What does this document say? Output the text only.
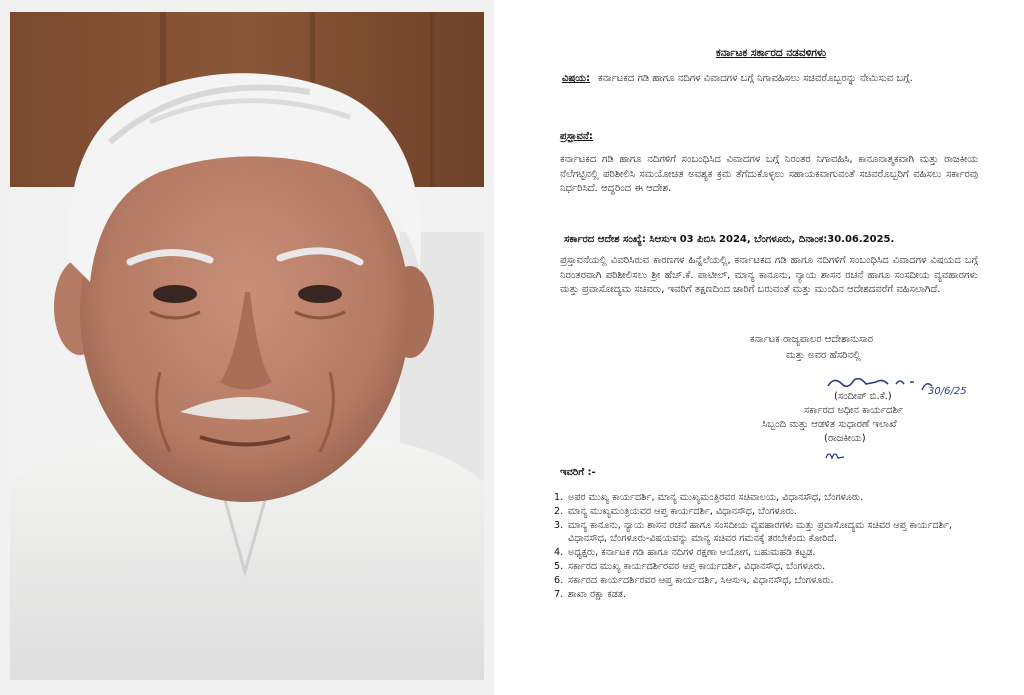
ಕರ್ನಾಟಕ ಸರ್ಕಾರದ ನಡವಳಿಗಳು
ವಿಷಯ: ಕರ್ನಾಟಕದ ಗಡಿ ಹಾಗೂ ನದಿಗಳ ವಿವಾದಗಳ ಬಗ್ಗೆ ನಿಗಾವಹಿಸಲು ಸಚಿವರೊಬ್ಬರನ್ನು ನೇಮಿಸುವ ಬಗ್ಗೆ.
ಪ್ರಸ್ತಾವನೆ:
ಕರ್ನಾಟಕದ ಗಡಿ ಹಾಗೂ ನದಿಗಳಿಗೆ ಸಂಬಂಧಿಸಿದ ವಿವಾದಗಳ ಬಗ್ಗೆ ನಿರಂತರ ನಿಗಾವಹಿಸಿ, ಕಾನೂನಾತ್ಮಕವಾಗಿ ಮತ್ತು ರಾಜಕೀಯ ನೆಲೆಗಟ್ಟಿನಲ್ಲಿ ಪರಿಶೀಲಿಸಿ ಸಮಯೋಚಿತ ಅವಶ್ಯಕ ಕ್ರಮ ತೆಗೆದುಕೊಳ್ಳಲು ಸಹಾಯಕವಾಗುವಂತೆ ಸಚಿವರೊಬ್ಬರಿಗೆ ವಹಿಸಲು ಸರ್ಕಾರವು ನಿರ್ಧರಿಸಿದೆ. ಆದ್ದರಿಂದ ಈ ಆದೇಶ.
ಸರ್ಕಾರದ ಆದೇಶ ಸಂಖ್ಯೆ: ಸಿಆಸುಇ 03 ಪಿಬಿಸಿ 2024, ಬೆಂಗಳೂರು, ದಿನಾಂಕ:30.06.2025.
ಪ್ರಸ್ತಾವನೆಯಲ್ಲಿ ವಿವರಿಸಿರುವ ಕಾರಣಗಳ ಹಿನ್ನೆಲೆಯಲ್ಲಿ, ಕರ್ನಾಟಕದ ಗಡಿ ಹಾಗೂ ನದಿಗಳಿಗೆ ಸಂಬಂಧಿಸಿದ ವಿವಾದಗಳ ವಿಷಯದ ಬಗ್ಗೆ ನಿರಂತರವಾಗಿ ಪರಿಶೀಲಿಸಲು ಶ್ರೀ ಹೆಚ್.ಕೆ. ಪಾಟೀಲ್, ಮಾನ್ಯ ಕಾನೂನು, ನ್ಯಾಯ ಶಾಸನ ರಚನೆ ಹಾಗೂ ಸಂಸದೀಯ ವ್ಯವಹಾರಗಳು ಮತ್ತು ಪ್ರವಾಸೋದ್ಯಮ ಸಚಿವರು, ಇವರಿಗೆ ತಕ್ಷಣದಿಂದ ಜಾರಿಗೆ ಬರುವಂತೆ ಮತ್ತು ಮುಂದಿನ ಆದೇಶದವರೆಗೆ ವಹಿಸಲಾಗಿದೆ.
ಕರ್ನಾಟಕ ರಾಜ್ಯಪಾಲರ ಆದೇಶಾನುಸಾರ
ಮತ್ತು ಅವರ ಹೆಸರಿನಲ್ಲಿ
30/6/25
(ಸಂದೀಪ್ ಬಿ.ಕೆ.)
ಸರ್ಕಾರದ ಅಧೀನ ಕಾರ್ಯದರ್ಶಿ
ಸಿಬ್ಬಂದಿ ಮತ್ತು ಆಡಳಿತ ಸುಧಾರಣೆ ಇಲಾಖೆ
(ರಾಜಕೀಯ)
ಇವರಿಗೆ :-
1. ಅಪರ ಮುಖ್ಯ ಕಾರ್ಯದರ್ಶಿ, ಮಾನ್ಯ ಮುಖ್ಯಮಂತ್ರಿರವರ ಸಚಿವಾಲಯ, ವಿಧಾನಸೌಧ, ಬೆಂಗಳೂರು.
2. ಮಾನ್ಯ ಮುಖ್ಯಮಂತ್ರಿಯವರ ಆಪ್ತ ಕಾರ್ಯದರ್ಶಿ, ವಿಧಾನಸೌಧ, ಬೆಂಗಳೂರು.
3. ಮಾನ್ಯ ಕಾನೂನು, ನ್ಯಾಯ ಶಾಸನ ರಚನೆ ಹಾಗೂ ಸಂಸದೀಯ ವ್ಯವಹಾರಗಳು ಮತ್ತು ಪ್ರವಾಸೋದ್ಯಮ ಸಚಿವರ ಆಪ್ತ ಕಾರ್ಯದರ್ಶಿ, ವಿಧಾನಸೌಧ, ಬೆಂಗಳೂರು-ವಿಷಯವನ್ನು ಮಾನ್ಯ ಸಚಿವರ ಗಮನಕ್ಕೆ ತರಬೇಕೆಂದು ಕೋರಿದೆ.
4. ಅಧ್ಯಕ್ಷರು, ಕರ್ನಾಟಕ ಗಡಿ ಹಾಗೂ ನದಿಗಳ ರಕ್ಷಣಾ ಆಯೋಗ, ಬಹುಮಹಡಿ ಕಟ್ಟಡ.
5. ಸರ್ಕಾರದ ಮುಖ್ಯ ಕಾರ್ಯದರ್ಶಿರವರ ಆಪ್ತ ಕಾರ್ಯದರ್ಶಿ, ವಿಧಾನಸೌಧ, ಬೆಂಗಳೂರು.
6. ಸರ್ಕಾರದ ಕಾರ್ಯದರ್ಶಿರವರ ಆಪ್ತ ಕಾರ್ಯದರ್ಶಿ, ಸಿಆಸುಇ, ವಿಧಾನಸೌಧ, ಬೆಂಗಳೂರು.
7. ಶಾಖಾ ರಕ್ಷಾ ಕಡತ.
